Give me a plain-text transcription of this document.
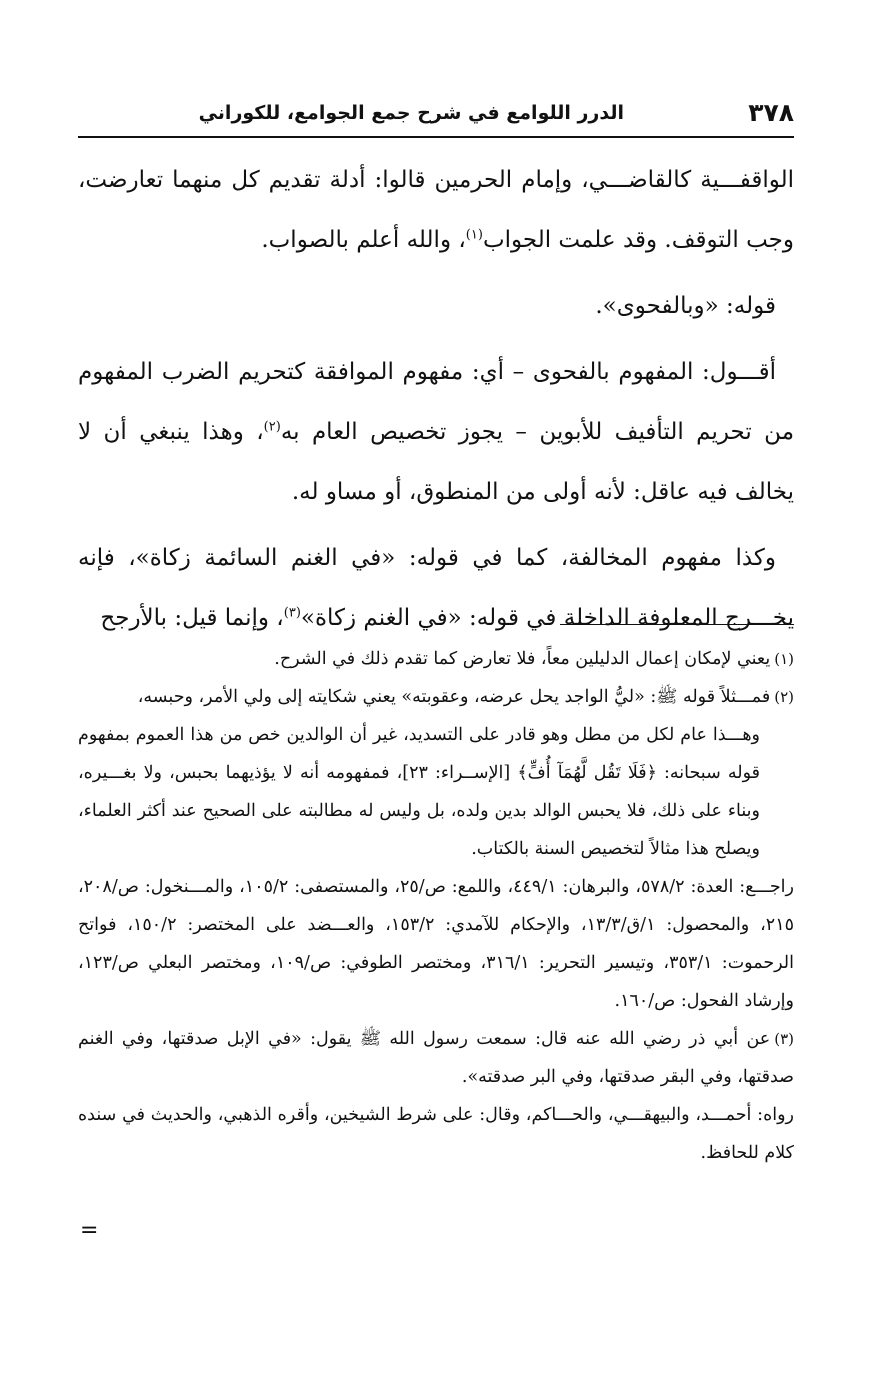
٣٧٨
الدرر اللوامع في شرح جمع الجوامع، للكوراني

الواقفـــية كالقاضـــي، وإمام الحرمين قالوا: أدلة تقديم كل منهما تعارضت، وجب التوقف. وقد علمت الجواب$^{(١)}$، والله أعلم بالصواب.

قوله: «وبالفحوى».

أقـــول: المفهوم بالفحوى – أي: مفهوم الموافقة كتحريم الضرب المفهوم من تحريم التأفيف للأبوين – يجوز تخصيص العام به$^{(٢)}$، وهذا ينبغي أن لا يخالف فيه عاقل: لأنه أولى من المنطوق، أو مساو له.

وكذا مفهوم المخالفة، كما في قوله: «في الغنم السائمة زكاة»، فإنه يخـــرج المعلوفة الداخلة في قوله: «في الغنم زكاة»$^{(٣)}$، وإنما قيل: بالأرجح

(١)يعني لإمكان إعمال الدليلين معاً، فلا تعارض كما تقدم ذلك في الشرح.

(٢)فمـــثلاً قوله ﷺ: «ليُّ الواجد يحل عرضه، وعقوبته» يعني شكايته إلى ولي الأمر، وحبسه،

وهـــذا عام لكل من مطل وهو قادر على التسديد، غير أن الوالدين خص من هذا العموم بمفهوم قوله سبحانه: ﴿فَلَا تَقُل لَّهُمَآ أُفٍّ﴾ [الإســراء: ٢٣]، فمفهومه أنه لا يؤذيهما بحبس، ولا بغـــيره، وبناء على ذلك، فلا يحبس الوالد بدين ولده، بل وليس له مطالبته على الصحيح عند أكثر العلماء، ويصلح هذا مثالاً لتخصيص السنة بالكتاب.

راجـــع: العدة: ٥٧٨/٢، والبرهان: ٤٤٩/١، واللمع: ص/٢٥، والمستصفى: ١٠٥/٢، والمـــنخول: ص/٢٠٨، ٢١٥، والمحصول: ١/ق/١٣/٣، والإحكام للآمدي: ١٥٣/٢، والعـــضد على المختصر: ١٥٠/٢، فواتح الرحموت: ٣٥٣/١، وتيسير التحرير: ٣١٦/١، ومختصر الطوفي: ص/١٠٩، ومختصر البعلي ص/١٢٣، وإرشاد الفحول: ص/١٦٠.

(٣)عن أبي ذر رضي الله عنه قال: سمعت رسول الله ﷺ يقول: «في الإبل صدقتها، وفي الغنم صدقتها، وفي البقر صدقتها، وفي البر صدقته».

رواه: أحمـــد، والبيهقـــي، والحـــاكم، وقال: على شرط الشيخين، وأقره الذهبي، والحديث في سنده كلام للحافظ.

=
